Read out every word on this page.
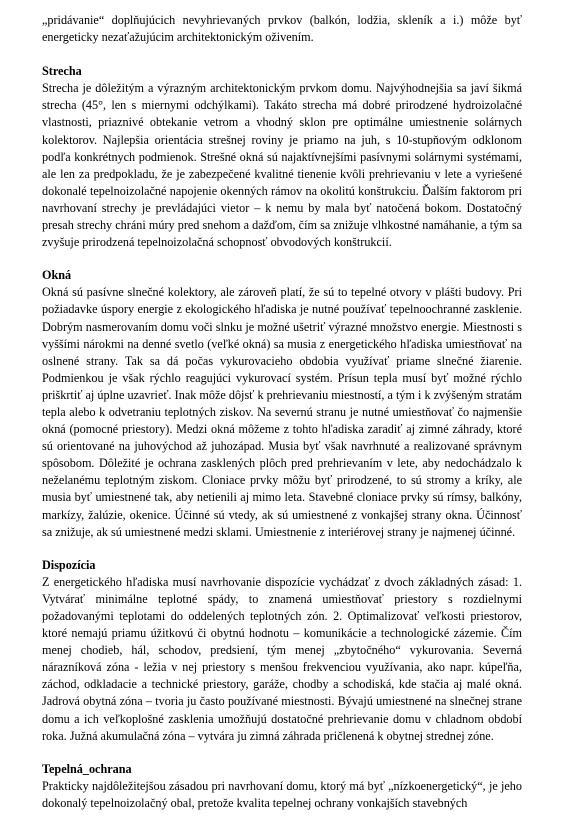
„pridávanie“ doplňujúcich nevyhrievaných prvkov (balkón, lodžia, skleník a i.) môže byť energeticky nezaťažujúcim architektonickým oživením.

Strecha

Strecha je dôležitým a výrazným architektonickým prvkom domu. Najvýhodnejšia sa javí šikmá strecha (45°, len s miernymi odchýlkami). Takáto strecha má dobré prirodzené hydroizolačné vlastnosti, priaznivé obtekanie vetrom a vhodný sklon pre optimálne umiestnenie solárnych kolektorov. Najlepšia orientácia strešnej roviny je priamo na juh, s 10-stupňovým odklonom podľa konkrétnych podmienok. Strešné okná sú najaktívnejšími pasívnymi solárnymi systémami, ale len za predpokladu, že je zabezpečené kvalitné tienenie kvôli prehrievaniu v lete a vyriešené dokonalé tepelnoizolačné napojenie okenných rámov na okolitú konštrukciu. Ďalším faktorom pri navrhovaní strechy je prevládajúci vietor – k nemu by mala byť natočená bokom. Dostatočný presah strechy chráni múry pred snehom a dažďom, čím sa znižuje vlhkostné namáhanie, a tým sa zvyšuje prirodzená tepelnoizolačná schopnosť obvodových konštrukcií.

Okná

Okná sú pasívne slnečné kolektory, ale zároveň platí, že sú to tepelné otvory v plášti budovy. Pri požiadavke úspory energie z ekologického hľadiska je nutné používať tepelnoochranné zasklenie. Dobrým nasmerovaním domu voči slnku je možné ušetriť výrazné množstvo energie. Miestnosti s vyššími nárokmi na denné svetlo (veľké okná) sa musia z energetického hľadiska umiestňovať na oslnené strany. Tak sa dá počas vykurovacieho obdobia využívať priame slnečné žiarenie. Podmienkou je však rýchlo reagujúci vykurovací systém. Prísun tepla musí byť možné rýchlo priškrtiť aj úplne uzavrieť. Inak môže dôjsť k prehrievaniu miestností, a tým i k zvýšeným stratám tepla alebo k odvetraniu teplotných ziskov. Na severnú stranu je nutné umiestňovať čo najmenšie okná (pomocné priestory). Medzi okná môžeme z tohto hľadiska zaradiť aj zimné záhrady, ktoré sú orientované na juhovýchod až juhozápad. Musia byť však navrhnuté a realizované správnym spôsobom. Dôležité je ochrana zasklených plôch pred prehrievaním v lete, aby nedochádzalo k neželanému teplotným ziskom. Cloniace prvky môžu byť prirodzené, to sú stromy a kríky, ale musia byť umiestnené tak, aby netienili aj mimo leta. Stavebné cloniace prvky sú rímsy, balkóny, markízy, žalúzie, okenice. Účinné sú vtedy, ak sú umiestnené z vonkajšej strany okna. Účinnosť sa znižuje, ak sú umiestnené medzi sklami. Umiestnenie z interiérovej strany je najmenej účinné.

Dispozícia

Z energetického hľadiska musí navrhovanie dispozície vychádzať z dvoch základných zásad: 1. Vytvárať minimálne teplotné spády, to znamená umiestňovať priestory s rozdielnymi požadovanými teplotami do oddelených teplotných zón. 2. Optimalizovať veľkosti priestorov, ktoré nemajú priamu úžitkovú či obytnú hodnotu – komunikácie a technologické zázemie. Čím menej chodieb, hál, schodov, predsiení, tým menej „zbytočného“ vykurovania. Severná nárazníková zóna - ležia v nej priestory s menšou frekvenciou využívania, ako napr. kúpeľňa, záchod, odkladacie a technické priestory, garáže, chodby a schodiská, kde stačia aj malé okná. Jadrová obytná zóna – tvoria ju často používané miestnosti. Bývajú umiestnené na slnečnej strane domu a ich veľkoplošné zasklenia umožňujú dostatočné prehrievanie domu v chladnom období roka. Južná akumulačná zóna – vytvára ju zimná záhrada pričlenená k obytnej strednej zóne.

Tepelná_ochrana

Prakticky najdôležitejšou zásadou pri navrhovaní domu, ktorý má byť „nízkoenergetický“, je jeho dokonalý tepelnoizolačný obal, pretože kvalita tepelnej ochrany vonkajších stavebných
